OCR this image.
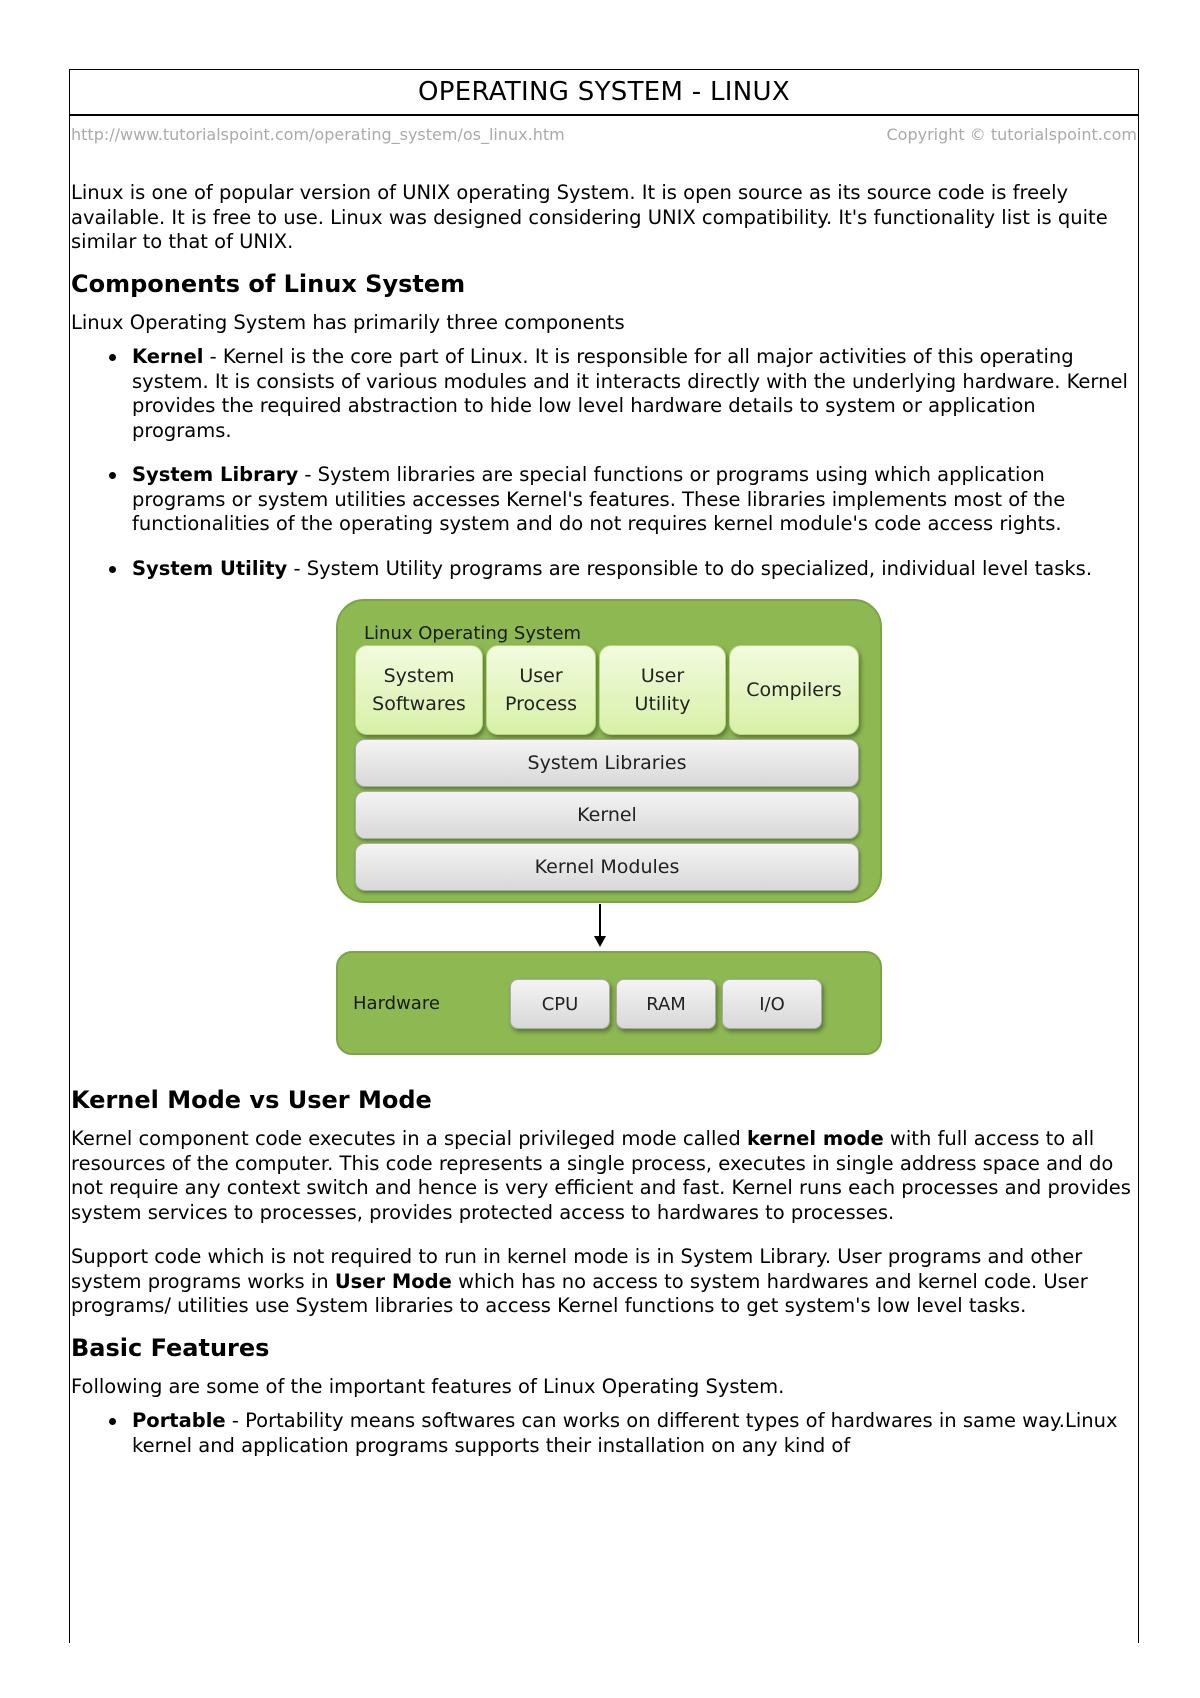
OPERATING SYSTEM - LINUX
http://www.tutorialspoint.com/operating_system/os_linux.htm	Copyright © tutorialspoint.com

Linux is one of popular version of UNIX operating System. It is open source as its source code is freely available. It is free to use. Linux was designed considering UNIX compatibility. It's functionality list is quite similar to that of UNIX.

Components of Linux System

Linux Operating System has primarily three components

Kernel - Kernel is the core part of Linux. It is responsible for all major activities of this operating system. It is consists of various modules and it interacts directly with the underlying hardware. Kernel provides the required abstraction to hide low level hardware details to system or application programs.
System Library - System libraries are special functions or programs using which application programs or system utilities accesses Kernel's features. These libraries implements most of the functionalities of the operating system and do not requires kernel module's code access rights.
System Utility - System Utility programs are responsible to do specialized, individual level tasks.
Linux Operating System
System
Softwares
User
Process
User
Utility
Compilers
System Libraries
Kernel
Kernel Modules
Hardware	CPU	RAM	I/O
Kernel Mode vs User Mode

Kernel component code executes in a special privileged mode called kernel mode with full access to all resources of the computer. This code represents a single process, executes in single address space and do not require any context switch and hence is very efficient and fast. Kernel runs each processes and provides system services to processes, provides protected access to hardwares to processes.

Support code which is not required to run in kernel mode is in System Library. User programs and other system programs works in User Mode which has no access to system hardwares and kernel code. User programs/ utilities use System libraries to access Kernel functions to get system's low level tasks.

Basic Features

Following are some of the important features of Linux Operating System.

Portable - Portability means softwares can works on different types of hardwares in same way.Linux kernel and application programs supports their installation on any kind of
